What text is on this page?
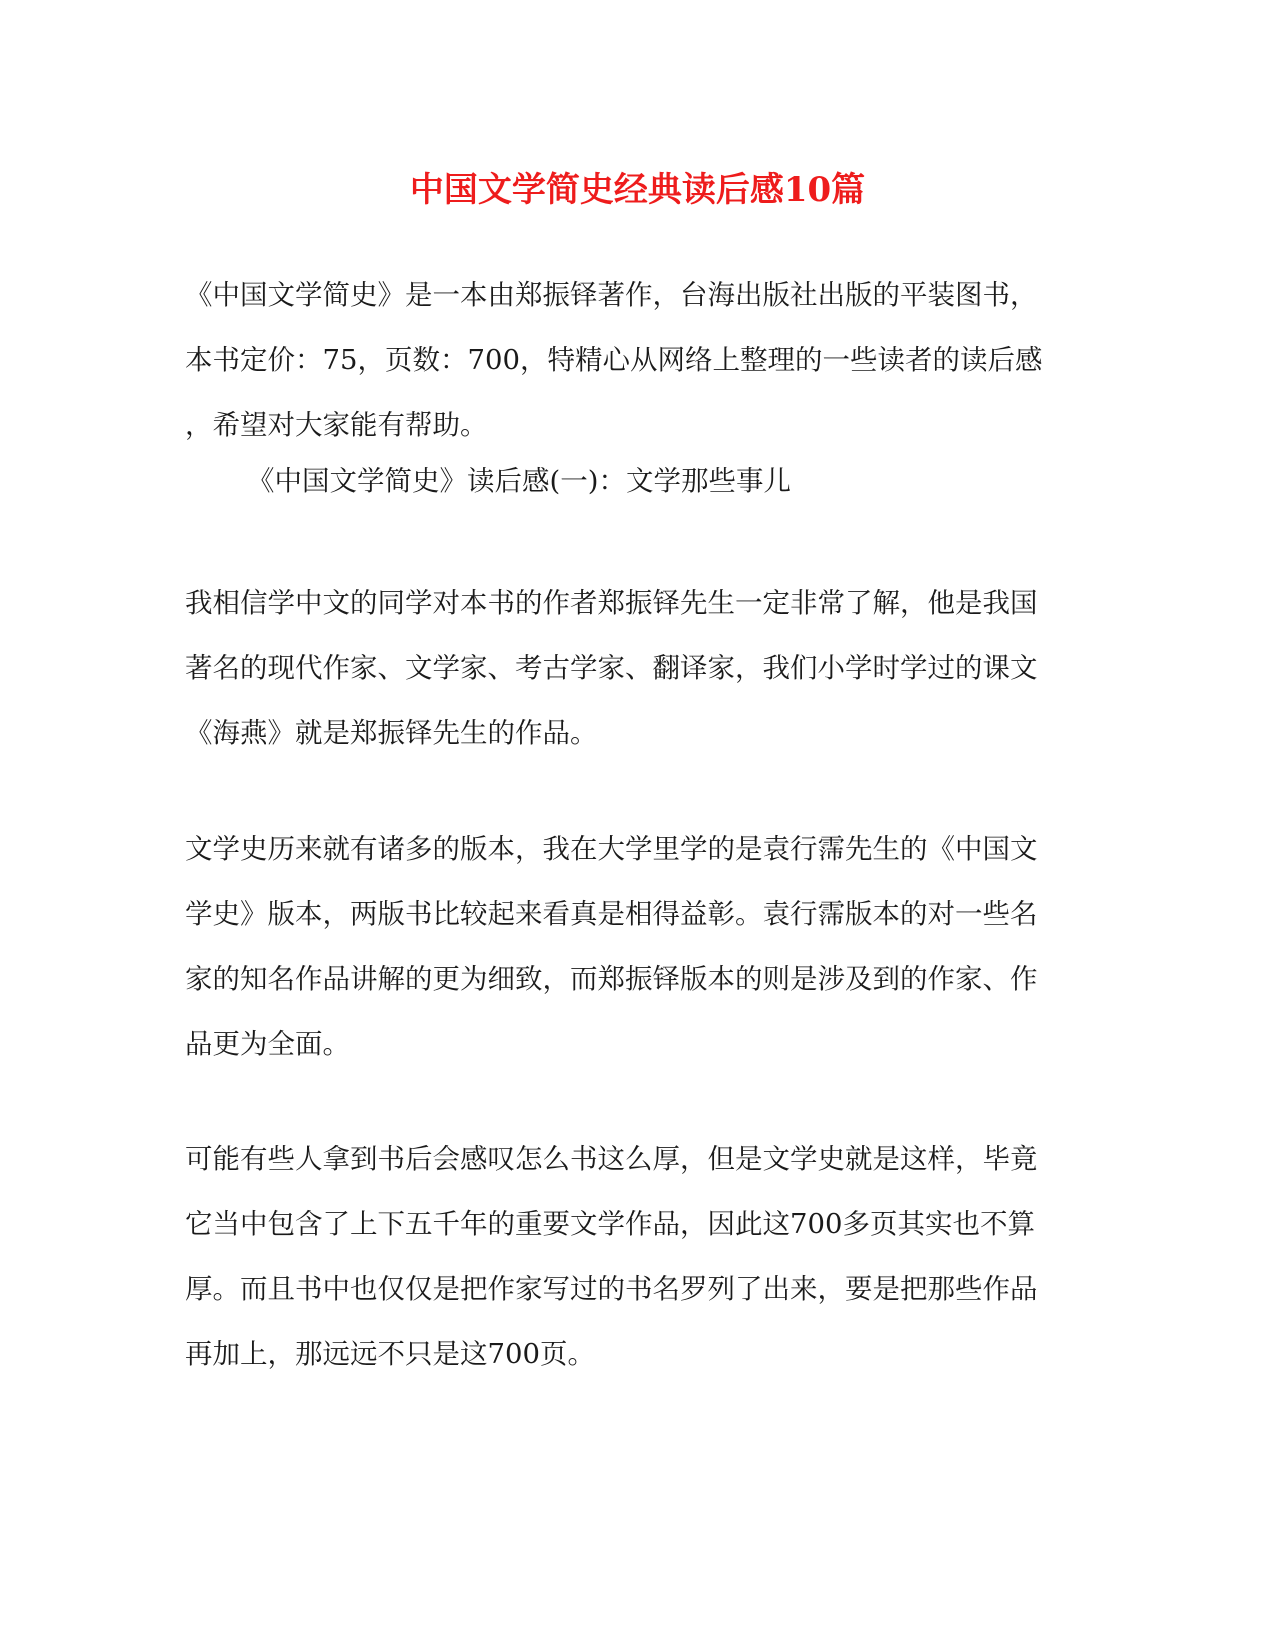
中国文学简史经典读后感10篇
《中国文学简史》是一本由郑振铎著作，台海出版社出版的平装图书，
本书定价：75，页数：700，特精心从网络上整理的一些读者的读后感
，希望对大家能有帮助。
《中国文学简史》读后感(一)：文学那些事儿
我相信学中文的同学对本书的作者郑振铎先生一定非常了解，他是我国
著名的现代作家、文学家、考古学家、翻译家，我们小学时学过的课文
《海燕》就是郑振铎先生的作品。
文学史历来就有诸多的版本，我在大学里学的是袁行霈先生的《中国文
学史》版本，两版书比较起来看真是相得益彰。袁行霈版本的对一些名
家的知名作品讲解的更为细致，而郑振铎版本的则是涉及到的作家、作
品更为全面。
可能有些人拿到书后会感叹怎么书这么厚，但是文学史就是这样，毕竟
它当中包含了上下五千年的重要文学作品，因此这700多页其实也不算
厚。而且书中也仅仅是把作家写过的书名罗列了出来，要是把那些作品
再加上，那远远不只是这700页。
